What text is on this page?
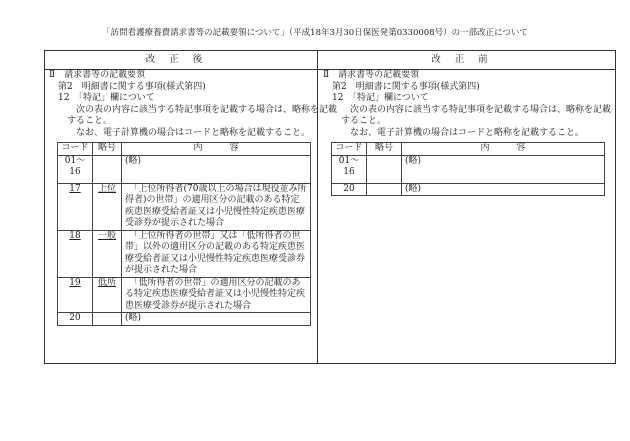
「訪問看護療養費請求書等の記載要領について」（平成18年3月30日保医発第0330008号）の一部改正について
改正後	改正前
Ⅱ　請求書等の記載要領
　第2　明細書に関する事項(様式第四)
　12　「特記」欄について
　　　次の表の内容に該当する特記事項を記載する場合は、略称を記載
　　すること。
　　　なお、電子計算機の場合はコードと略称を記載すること。
コード	略号	内　　　容
01〜16		(略)
17	上位	　「上位所得者(70歳以上の場合は現役並み所得者)の世帯」の適用区分の記載のある特定疾患医療受給者証又は小児慢性特定疾患医療受診券が提示された場合
18	一般	　「上位所得者の世帯」又は「低所得者の世帯」以外の適用区分の記載のある特定疾患医療受給者証又は小児慢性特定疾患医療受診券が提示された場合
19	低所	　「低所得者の世帯」の適用区分の記載のある特定疾患医療受給者証又は小児慢性特定疾患医療受診券が提示された場合
20		(略)
Ⅱ　請求書等の記載要領
　第2　明細書に関する事項(様式第四)
　12　「特記」欄について
　　　次の表の内容に該当する特記事項を記載する場合は、略称を記載
　　すること。
　　　なお、電子計算機の場合はコードと略称を記載すること。
コード	略号	内　　　容
01〜16		(略)
20		(略)
